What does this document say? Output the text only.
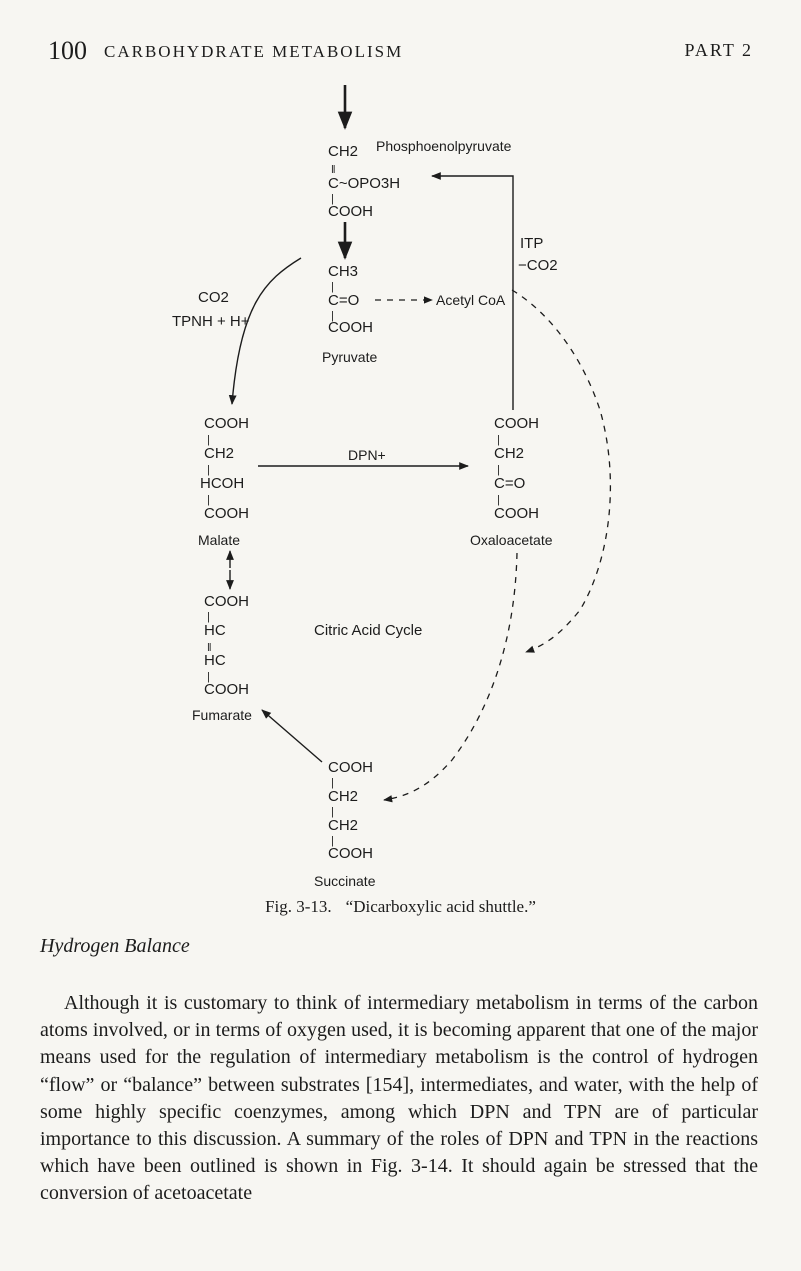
100 CARBOHYDRATE METABOLISM	PART 2
CH2
‖
C~OPO3H
|
COOH
Phosphoenolpyruvate
CH3
|
C=O
|
COOH
Pyruvate
Acetyl CoA
CO2
TPNH + H+
COOH
|
CH2
|
HCOH
|
COOH
Malate
DPN+
COOH
|
CH2
|
C=O
|
COOH
Oxaloacetate
ITP
−CO2
Citric Acid Cycle
COOH
|
HC
‖
HC
|
COOH
Fumarate
COOH
|
CH2
|
CH2
|
COOH
Succinate
Fig. 3-13. “Dicarboxylic acid shuttle.”
Hydrogen Balance

Although it is customary to think of intermediary metabolism in terms of the carbon atoms involved, or in terms of oxygen used, it is becoming apparent that one of the major means used for the regulation of intermediary metabolism is the control of hydrogen “flow” or “balance” between substrates [154], intermediates, and water, with the help of some highly specific coenzymes, among which DPN and TPN are of particular importance to this discussion. A summary of the roles of DPN and TPN in the reactions which have been outlined is shown in Fig. 3-14. It should again be stressed that the conversion of acetoacetate
